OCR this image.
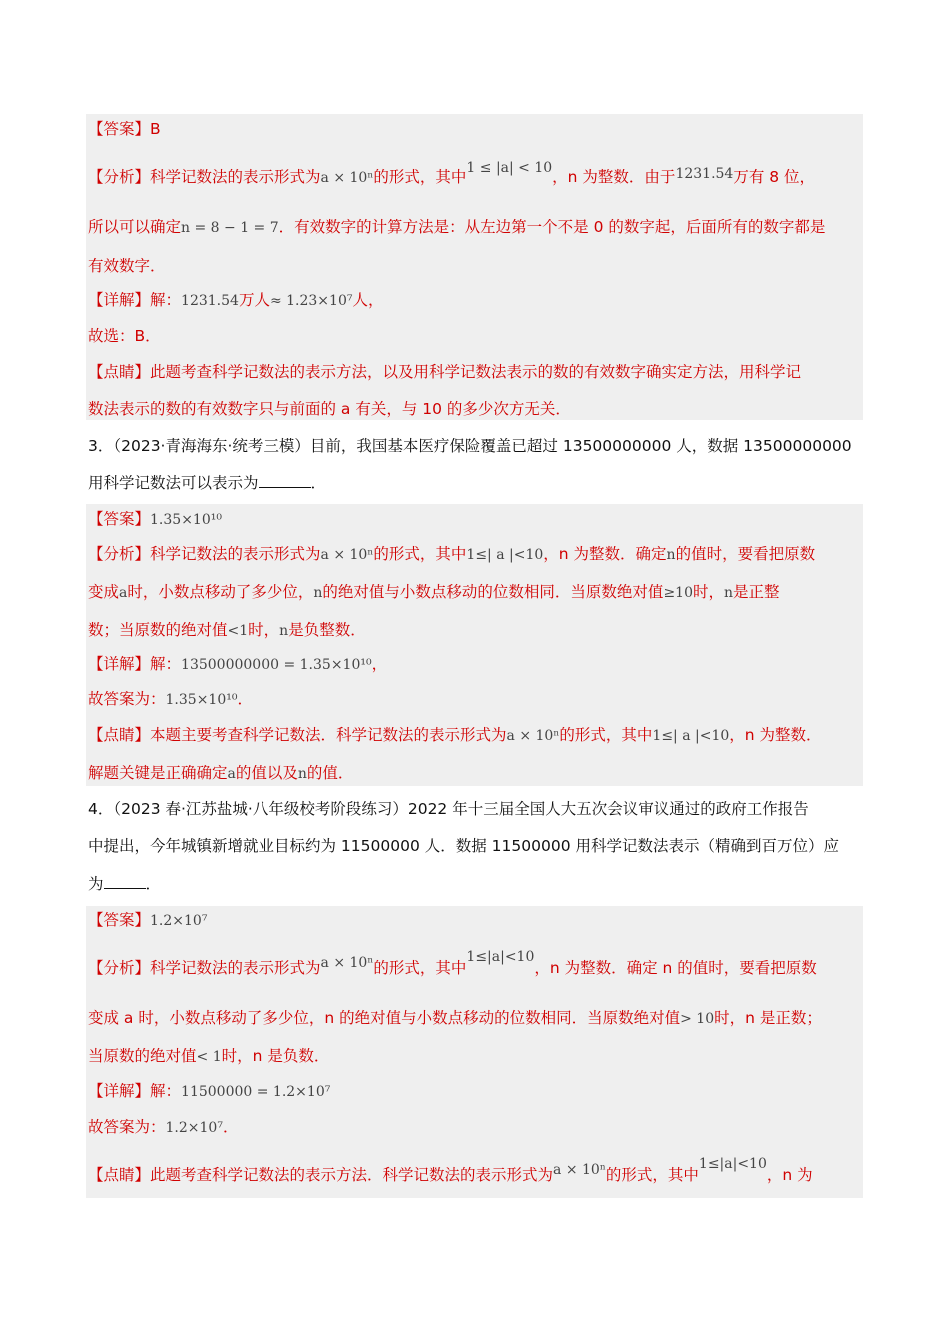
【答案】B
【分析】科学记数法的表示形式为a × 10ⁿ的形式，其中1 ≤ |a| < 10，n 为整数．由于1231.54万有 8 位，
所以可以确定n = 8 − 1 = 7．有效数字的计算方法是：从左边第一个不是 0 的数字起，后面所有的数字都是
有效数字．
【详解】解：1231.54万人≈ 1.23×10⁷人，
故选：B．
【点睛】此题考查科学记数法的表示方法，以及用科学记数法表示的数的有效数字确实定方法，用科学记
数法表示的数的有效数字只与前面的 a 有关，与 10 的多少次方无关．
3．（2023·青海海东·统考三模）目前，我国基本医疗保险覆盖已超过 13500000000 人，数据 13500000000
用科学记数法可以表示为	．
【答案】1.35×10¹⁰
【分析】科学记数法的表示形式为a × 10ⁿ的形式，其中1≤| a |<10，n 为整数．确定n的值时，要看把原数
变成a时，小数点移动了多少位，n的绝对值与小数点移动的位数相同．当原数绝对值≥10时，n是正整
数；当原数的绝对值<1时，n是负整数．
【详解】解：13500000000 = 1.35×10¹⁰，
故答案为：1.35×10¹⁰．
【点睛】本题主要考查科学记数法．科学记数法的表示形式为a × 10ⁿ的形式，其中1≤| a |<10，n 为整数．
解题关键是正确确定a的值以及n的值．
4．（2023 春·江苏盐城·八年级校考阶段练习）2022 年十三届全国人大五次会议审议通过的政府工作报告
中提出，今年城镇新增就业目标约为 11500000 人．数据 11500000 用科学记数法表示（精确到百万位）应
为	．
【答案】1.2×10⁷
【分析】科学记数法的表示形式为a × 10ⁿ的形式，其中1≤|a|<10，n 为整数．确定 n 的值时，要看把原数
变成 a 时，小数点移动了多少位，n 的绝对值与小数点移动的位数相同．当原数绝对值> 10时，n 是正数；
当原数的绝对值< 1时，n 是负数．
【详解】解：11500000 = 1.2×10⁷
故答案为：1.2×10⁷．
【点睛】此题考查科学记数法的表示方法．科学记数法的表示形式为a × 10ⁿ的形式，其中1≤|a|<10，n 为
